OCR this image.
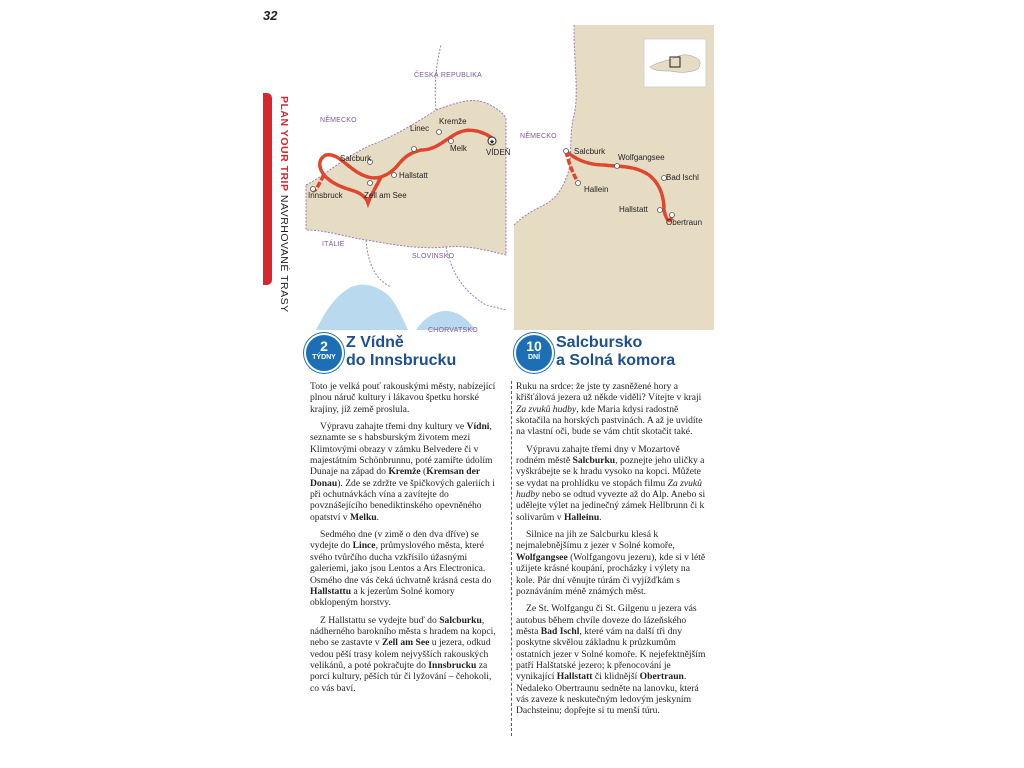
32
PLAN YOUR TRIP NAVRHOVANÉ TRASY
★
ČESKÁ REPUBLIKA
NĚMECKO
ITÁLIE
SLOVINSKO
CHORVATSKO
Linec
Kremže
Salcburk
Melk VÍDEŇ
Hallstatt
Innsbruck	Zell am See
NĚMECKO
Salcburk
Wolfgangsee
Hallein
Bad Ischl
Hallstatt
Obertraun
2
TÝDNY
Z Vídně
do Innsbrucku
10
DNÍ
Salcbursko
a Solná komora

Toto je velká pouť rakouskými městy, nabízející plnou náruč kultury i lákavou špetku horské krajiny, jíž země proslula.

Výpravu zahajte třemi dny kultury ve Vídni, seznamte se s habsburským životem mezi Klimtovými obrazy v zámku Belvedere či v majestátním Schönbrunnu, poté zamiřte údolím Dunaje na západ do Kremže (Kremsan der Donau). Zde se zdržte ve špičkových galeriích i při ochutnávkách vína a zavítejte do povznášejícího benediktinského opevněného opatství v Melku.

Sedmého dne (v zimě o den dva dříve) se vydejte do Lince, průmyslového města, které svého tvůrčího ducha vzkřísilo úžasnými galeriemi, jako jsou Lentos a Ars Electronica. Osmého dne vás čeká úchvatně krásná cesta do Hallstattu a k jezerům Solné komory obklopeným horstvy.

Z Hallstattu se vydejte buď do Salcburku, nádherného barokního města s hradem na kopci, nebo se zastavte v Zell am See u jezera, odkud vedou pěší trasy kolem nejvyšších rakouských velikánů, a poté pokračujte do Innsbrucku za porcí kultury, pěších túr či lyžování – čehokoli, co vás baví.

Ruku na srdce: že jste ty zasněžené hory a křišťálová jezera už někde viděli? Vítejte v kraji Za zvuků hudby, kde Maria kdysi radostně skotačila na horských pastvinách. A až je uvidíte na vlastní oči, bude se vám chtít skotačit také.

Výpravu zahajte třemi dny v Mozartově rodném městě Salcburku, poznejte jeho uličky a vyškrábejte se k hradu vysoko na kopci. Můžete se vydat na prohlídku ve stopách filmu Za zvuků hudby nebo se odtud vyvezte až do Alp. Anebo si udělejte výlet na jedinečný zámek Hellbrunn či k solivarům v Halleinu.

Silnice na jih ze Salcburku klesá k nejmalebnějšímu z jezer v Solné komoře, Wolfgangsee (Wolfgangovu jezeru), kde si v létě užijete krásné koupání, procházky i výlety na kole. Pár dní věnujte túrám či vyjížďkám s poznáváním méně známých měst.

Ze St. Wolfgangu či St. Gilgenu u jezera vás autobus během chvíle doveze do lázeňského města Bad Ischl, které vám na další tři dny poskytne skvělou základnu k průzkumům ostatních jezer v Solné komoře. K nejefektnějším patří Halštatské jezero; k přenocování je vynikající Hallstatt či klidnější Obertraun. Nedaleko Obertraunu sedněte na lanovku, která vás zaveze k neskutečným ledovým jeskyním Dachsteinu; dopřejte si tu menší túru.
